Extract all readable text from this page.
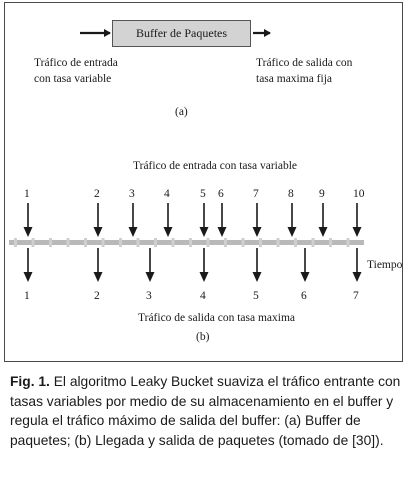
Buffer de Paquetes
Tráfico de entrada
con tasa variable
Tráfico de salida con
tasa maxima fija
(a)
Tráfico de entrada con tasa variable
Tiempo
Tráfico de salida con tasa maxima
(b)
1	2	3	4	5 6	7	8 9 10
1	2	3	4	5	6	7
Fig. 1. El algoritmo Leaky Bucket suaviza el tráfico entrante con tasas variables por medio de su almacenamiento en el buffer y regula el tráfico máximo de salida del buffer: (a) Buffer de paquetes; (b) Llegada y salida de paquetes (tomado de [30]).
